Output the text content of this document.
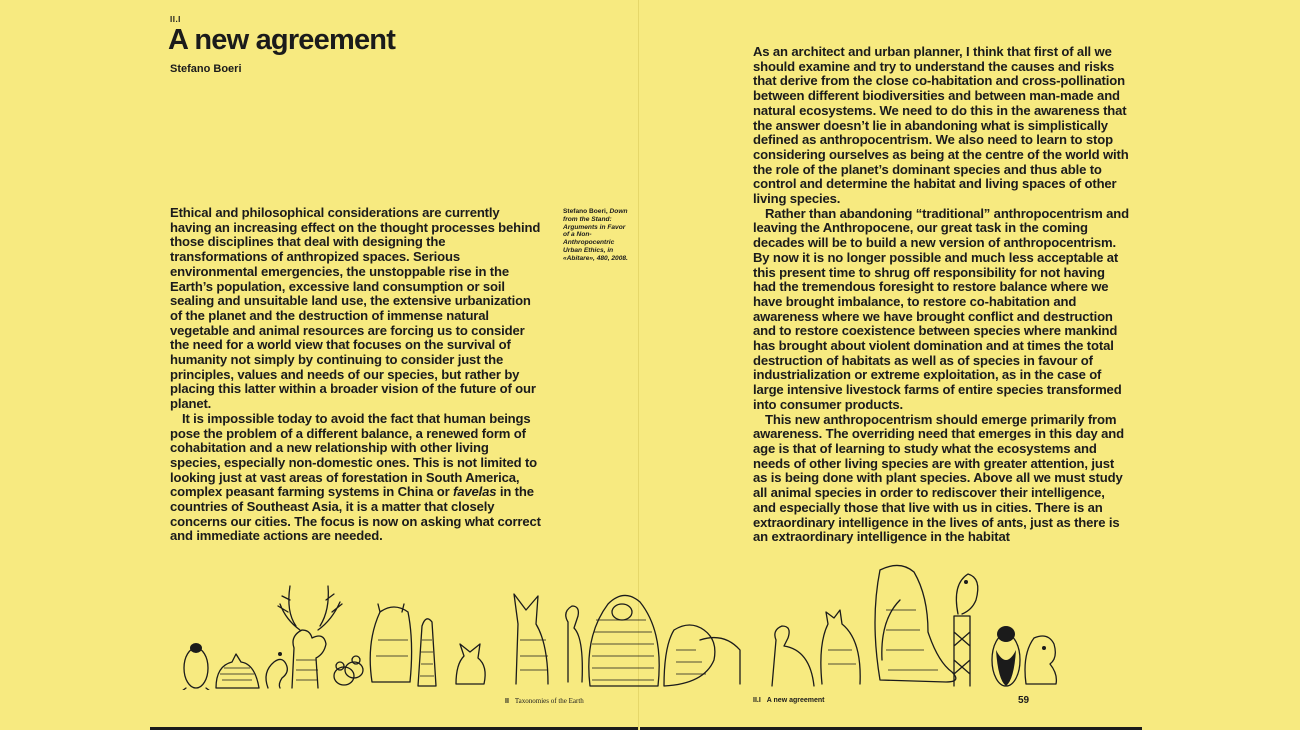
II.I
A new agreement
Stefano Boeri

Ethical and philosophical considerations are currently having an increasing effect on the thought processes behind those disciplines that deal with designing the transformations of anthropized spaces. Serious environmental emergencies, the unstoppable rise in the Earth’s population, excessive land consumption or soil sealing and unsuitable land use, the extensive urbanization of the planet and the destruction of immense natural vegetable and animal resources are forcing us to consider the need for a world view that focuses on the survival of humanity not simply by continuing to consider just the principles, values and needs of our species, but rather by placing this latter within a broader vision of the future of our planet.

It is impossible today to avoid the fact that human beings pose the problem of a different balance, a renewed form of cohabitation and a new relationship with other living species, especially non-domestic ones. This is not limited to looking just at vast areas of forestation in South America, complex peasant farming systems in China or favelas in the countries of Southeast Asia, it is a matter that closely concerns our cities. The focus is now on asking what correct and immediate actions are needed.

Stefano Boeri, Down from the Stand: Arguments in Favor of a Non-Anthropocentric Urban Ethics, in «Abitare», 480, 2008.

As an architect and urban planner, I think that first of all we should examine and try to understand the causes and risks that derive from the close co-habitation and cross-pollination between different biodiversities and between man-made and natural ecosystems. We need to do this in the awareness that the answer doesn’t lie in abandoning what is simplistically defined as anthropocentrism. We also need to learn to stop considering ourselves as being at the centre of the world with the role of the planet’s dominant species and thus able to control and determine the habitat and living spaces of other living species.

Rather than abandoning “traditional” anthropocentrism and leaving the Anthropocene, our great task in the coming decades will be to build a new version of anthropocentrism. By now it is no longer possible and much less acceptable at this present time to shrug off responsibility for not having had the tremendous foresight to restore balance where we have brought imbalance, to restore co-habitation and awareness where we have brought conflict and destruction and to restore coexistence between species where mankind has brought about violent domination and at times the total destruction of habitats as well as of species in favour of industrialization or extreme exploitation, as in the case of large intensive livestock farms of entire species transformed into consumer products.

This new anthropocentrism should emerge primarily from awareness. The overriding need that emerges in this day and age is that of learning to study what the ecosystems and needs of other living species are with greater attention, just as is being done with plant species. Above all we must study all animal species in order to rediscover their intelligence, and especially those that live with us in cities. There is an extraordinary intelligence in the lives of ants, just as there is an extraordinary intelligence in the habitat

II Taxonomies of the Earth	II.I A new agreement	59
